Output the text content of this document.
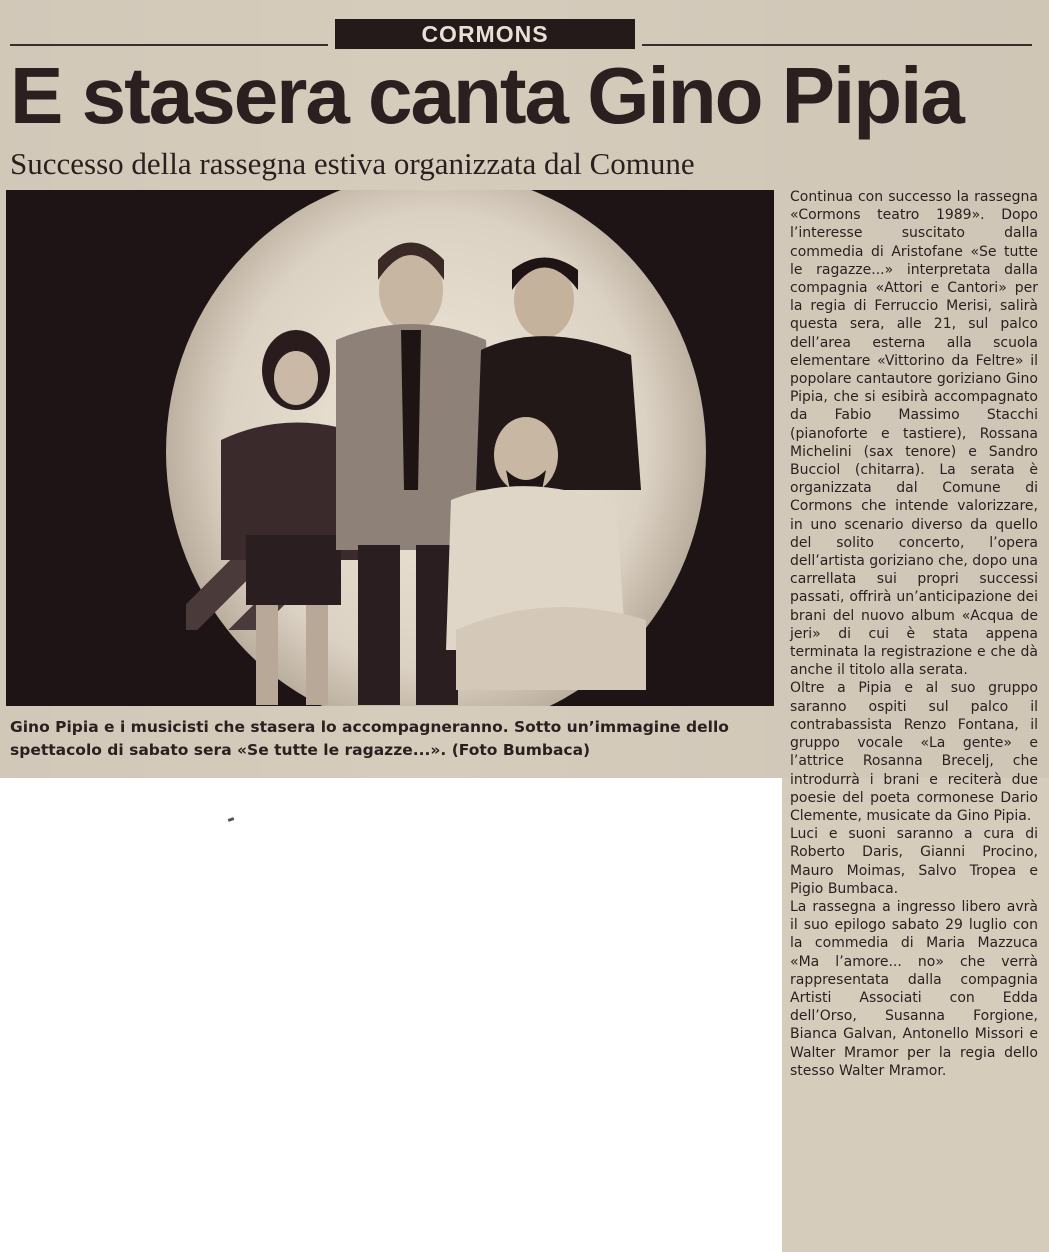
CORMONS
E stasera canta Gino Pipia
Successo della rassegna estiva organizzata dal Comune
Gino Pipia e i musicisti che stasera lo accompagneranno. Sotto un’immagine dello spettacolo di sabato sera «Se tutte le ragazze...». (Foto Bumbaca)

Continua con successo la rassegna «Cormons teatro 1989». Dopo l’interesse suscitato dalla commedia di Aristofane «Se tutte le ragazze...» interpretata dalla compagnia «Attori e Cantori» per la regia di Ferruccio Merisi, salirà questa sera, alle 21, sul palco dell’area esterna alla scuola elementare «Vittorino da Feltre» il popolare cantautore goriziano Gino Pipia, che si esibirà accompagnato da Fabio Massimo Stacchi (pianoforte e tastiere), Rossana Michelini (sax tenore) e Sandro Bucciol (chitarra). La serata è organizzata dal Comune di Cormons che intende valorizzare, in uno scenario diverso da quello del solito concerto, l’opera dell’artista goriziano che, dopo una carrellata sui propri successi passati, offrirà un’anticipazione dei brani del nuovo album «Acqua de jeri» di cui è stata appena terminata la registrazione e che dà anche il titolo alla serata.

Oltre a Pipia e al suo gruppo saranno ospiti sul palco il contrabassista Renzo Fontana, il gruppo vocale «La gente» e l’attrice Rosanna Brecelj, che introdurrà i brani e reciterà due poesie del poeta cormonese Dario Clemente, musicate da Gino Pipia.

Luci e suoni saranno a cura di Roberto Daris, Gianni Procino, Mauro Moimas, Salvo Tropea e Pigio Bumbaca.

La rassegna a ingresso libero avrà il suo epilogo sabato 29 luglio con la commedia di Maria Mazzuca «Ma l’amore... no» che verrà rappresentata dalla compagnia Artisti Associati con Edda dell’Orso, Susanna Forgione, Bianca Galvan, Antonello Missori e Walter Mramor per la regia dello stesso Walter Mramor.
